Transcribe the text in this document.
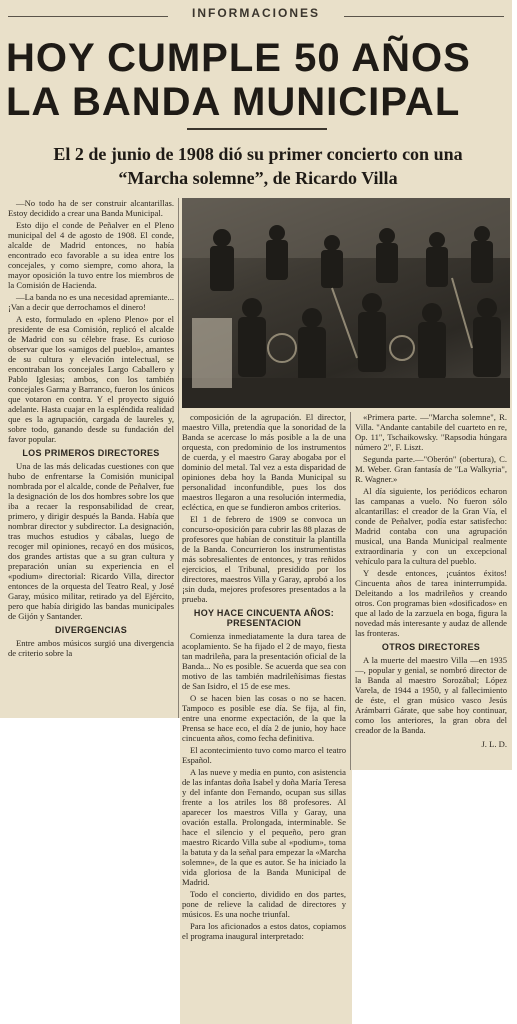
INFORMACIONES
HOY CUMPLE 50 AÑOS
LA BANDA MUNICIPAL
El 2 de junio de 1908 dió su primer concierto con una
“Marcha solemne”, de Ricardo Villa

—No todo ha de ser construir alcantarillas. Estoy decidido a crear una Banda Municipal.

Esto dijo el conde de Peñalver en el Pleno municipal del 4 de agosto de 1908. El conde, alcalde de Madrid entonces, no había encontrado eco favorable a su idea entre los concejales, y como siempre, como ahora, la mayor oposición la tuvo entre los miembros de la Comisión de Hacienda.

—La banda no es una necesidad apremiante... ¡Van a decir que derrochamos el dinero!

A esto, formulado en «pleno Pleno» por el presidente de esa Comisión, replicó el alcalde de Madrid con su célebre frase. Es curioso observar que los «amigos del pueblo», amantes de su cultura y elevación intelectual, se encontraban los concejales Largo Caballero y Pablo Iglesias; ambos, con los también concejales Garma y Barranco, fueron los únicos que votaron en contra. Y el proyecto siguió adelante. Hasta cuajar en la espléndida realidad que es la agrupación, cargada de laureles y, sobre todo, ganando desde su fundación del favor popular.

LOS PRIMEROS DIRECTORES

Una de las más delicadas cuestiones con que hubo de enfrentarse la Comisión municipal nombrada por el alcalde, conde de Peñalver, fue la designación de los dos hombres sobre los que iba a recaer la responsabilidad de crear, primero, y dirigir después la Banda. Había que nombrar director y subdirector. La designación, tras muchos estudios y cábalas, luego de recoger mil opiniones, recayó en dos músicos, dos grandes artistas que a su gran cultura y preparación unían su experiencia en el «podium» directorial: Ricardo Villa, director entonces de la orquesta del Teatro Real, y José Garay, músico militar, retirado ya del Ejército, pero que había dirigido las bandas municipales de Gijón y Santander.

DIVERGENCIAS

Entre ambos músicos surgió una divergencia de criterio sobre la

composición de la agrupación. El director, maestro Villa, pretendía que la sonoridad de la Banda se acercase lo más posible a la de una orquesta, con predominio de los instrumentos de cuerda, y el maestro Garay abogaba por el dominio del metal. Tal vez a esta disparidad de opiniones deba hoy la Banda Municipal su personalidad inconfundible, pues los dos maestros llegaron a una resolución intermedia, ecléctica, en que se fundieron ambos criterios.

El 1 de febrero de 1909 se convoca un concurso-oposición para cubrir las 88 plazas de profesores que habían de constituir la plantilla de la Banda. Concurrieron los instrumentistas más sobresalientes de entonces, y tras reñidos ejercicios, el Tribunal, presidido por los directores, maestros Villa y Garay, aprobó a los ¡sin duda, mejores profesores presentados a la prueba.

HOY HACE CINCUENTA AÑOS: PRESENTACION

Comienza inmediatamente la dura tarea de acoplamiento. Se ha fijado el 2 de mayo, fiesta tan madrileña, para la presentación oficial de la Banda... No es posible. Se acuerda que sea con motivo de las también madrileñísimas fiestas de San Isidro, el 15 de ese mes.

O se hacen bien las cosas o no se hacen. Tampoco es posible ese día. Se fija, al fin, entre una enorme expectación, de la que la Prensa se hace eco, el día 2 de junio, hoy hace cincuenta años, como fecha definitiva.

El acontecimiento tuvo como marco el teatro Español.

A las nueve y media en punto, con asistencia de las infantas doña Isabel y doña María Teresa y del infante don Fernando, ocupan sus sillas frente a los atriles los 88 profesores. Al aparecer los maestros Villa y Garay, una ovación estalla. Prolongada, interminable. Se hace el silencio y el pequeño, pero gran maestro Ricardo Villa sube al «podium», toma la batuta y da la señal para empezar la «Marcha solemne», de la que es autor. Se ha iniciado la vida gloriosa de la Banda Municipal de Madrid.

Todo el concierto, dividido en dos partes, pone de relieve la calidad de directores y músicos. Es una noche triunfal.

Para los aficionados a estos datos, copiamos el programa inaugural interpretado:

«Primera parte. —"Marcha solemne", R. Villa. "Andante cantabile del cuarteto en re, Op. 11", Tschaikowsky. "Rapsodia húngara número 2", F. Liszt.

Segunda parte.—"Oberón" (obertura), C. M. Weber. Gran fantasía de "La Walkyria", R. Wagner.»

Al día siguiente, los periódicos echaron las campanas a vuelo. No fueron sólo alcantarillas: el creador de la Gran Vía, el conde de Peñalver, podía estar satisfecho: Madrid contaba con una agrupación musical, una Banda Municipal realmente extraordinaria y con un excepcional vehículo para la cultura del pueblo.

Y desde entonces, ¡cuántos éxitos! Cincuenta años de tarea ininterrumpida. Deleitando a los madrileños y creando otros. Con programas bien «dosificados» en que al lado de la zarzuela en boga, figura la novedad más interesante y audaz de allende las fronteras.

OTROS DIRECTORES

A la muerte del maestro Villa —en 1935—, popular y genial, se nombró director de la Banda al maestro Sorozábal; López Varela, de 1944 a 1950, y al fallecimiento de éste, el gran músico vasco Jesús Arámbarri Gárate, que sabe hoy continuar, como los anteriores, la gran obra del creador de la Banda.

J. L. D.
